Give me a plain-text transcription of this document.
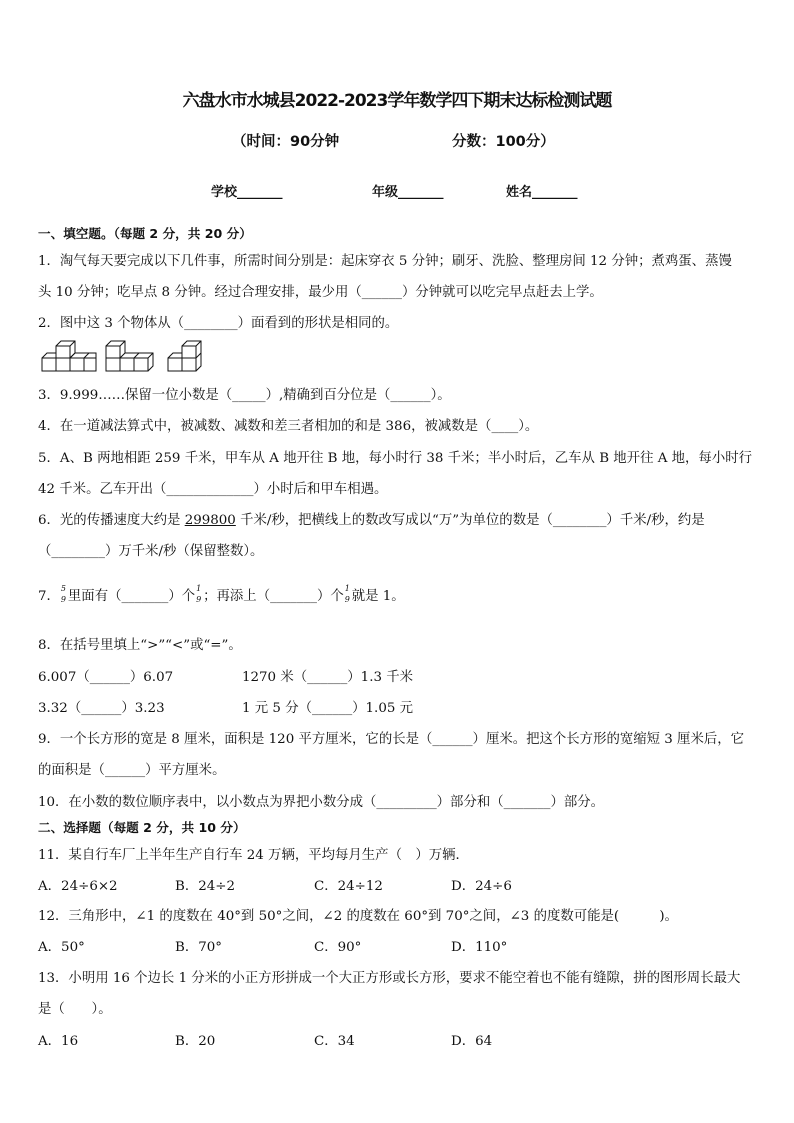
六盘水市水城县2022-2023学年数学四下期末达标检测试题
（时间：90分钟	分数：100分）
学校_______	年级_______	姓名_______
一、填空题。（每题 2 分，共 20 分）
1．淘气每天要完成以下几件事，所需时间分别是：起床穿衣 5 分钟；刷牙、洗脸、整理房间 12 分钟；煮鸡蛋、蒸馒
头 10 分钟；吃早点 8 分钟。经过合理安排，最少用（______）分钟就可以吃完早点赶去上学。
2．图中这 3 个物体从（________）面看到的形状是相同的。
3．9.999……保留一位小数是（_____）,精确到百分位是（______）。
4．在一道减法算式中，被减数、减数和差三者相加的和是 386，被减数是（____）。
5．A、B 两地相距 259 千米，甲车从 A 地开往 B 地，每小时行 38 千米；半小时后，乙车从 B 地开往 A 地，每小时行
42 千米。乙车开出（_____________）小时后和甲车相遇。
6．光的传播速度大约是 299800 千米/秒，把横线上的数改写成以“万”为单位的数是（________）千米/秒，约是
（________）万千米/秒（保留整数）。
7．
5
9 里面有（_______）个
1
9 ；再添上（_______）个
1
9 就是 1。
8．在括号里填上“>”“<”或“=”。
6.007（______）6.07	1270 米（______）1.3 千米
3.32（______）3.23	1 元 5 分（______）1.05 元
9．一个长方形的宽是 8 厘米，面积是 120 平方厘米，它的长是（______）厘米。把这个长方形的宽缩短 3 厘米后，它
的面积是（______）平方厘米。
10．在小数的数位顺序表中，以小数点为界把小数分成（_________）部分和（_______）部分。
二、选择题（每题 2 分，共 10 分）
11．某自行车厂上半年生产自行车 24 万辆，平均每月生产（　）万辆．
A．24÷6×2	B．24÷2	C．24÷12	D．24÷6
12．三角形中，∠1 的度数在 40°到 50°之间，∠2 的度数在 60°到 70°之间，∠3 的度数可能是(　　　)。
A．50°	B．70°	C．90°	D．110°
13．小明用 16 个边长 1 分米的小正方形拼成一个大正方形或长方形，要求不能空着也不能有缝隙，拼的图形周长最大
是（　　）。
A．16	B．20	C．34	D．64
